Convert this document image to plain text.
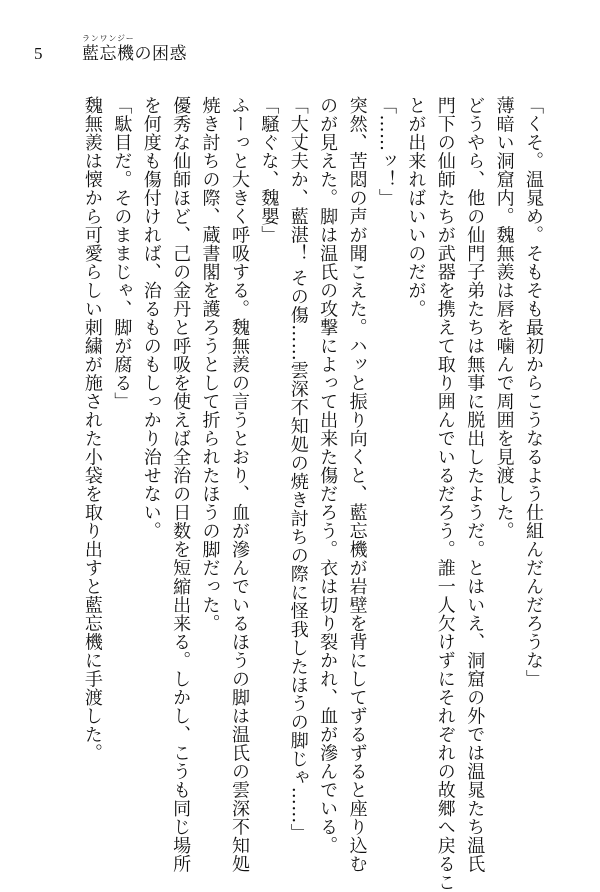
5
ランワンジー
藍忘機の困惑
「くそ。温晁め。そもそも最初からこうなるよう仕組んだんだろうな」
薄暗い洞窟内。魏無羨は唇を噛んで周囲を見渡した。
どうやら、他の仙門子弟たちは無事に脱出したようだ。とはいえ、洞窟の外では温晁たち温氏
門下の仙師たちが武器を携えて取り囲んでいるだろう。誰一人欠けずにそれぞれの故郷へ戻るこ
とが出来ればいいのだが。
「……ッ！」
突然、苦悶の声が聞こえた。ハッと振り向くと、藍忘機が岩壁を背にしてずるずると座り込む
のが見えた。脚は温氏の攻撃によって出来た傷だろう。衣は切り裂かれ、血が滲んでいる。
「大丈夫か、藍湛！ その傷……雲深不知処の焼き討ちの際に怪我したほうの脚じゃ……」
「騒ぐな、魏嬰」
ふーっと大きく呼吸する。魏無羨の言うとおり、血が滲んでいるほうの脚は温氏の雲深不知処
焼き討ちの際、蔵書閣を護ろうとして折られたほうの脚だった。
優秀な仙師ほど、己の金丹と呼吸を使えば全治の日数を短縮出来る。しかし、こうも同じ場所
を何度も傷付ければ、治るものもしっかり治せない。
「駄目だ。そのままじゃ、脚が腐る」
魏無羨は懐から可愛らしい刺繍が施された小袋を取り出すと藍忘機に手渡した。
